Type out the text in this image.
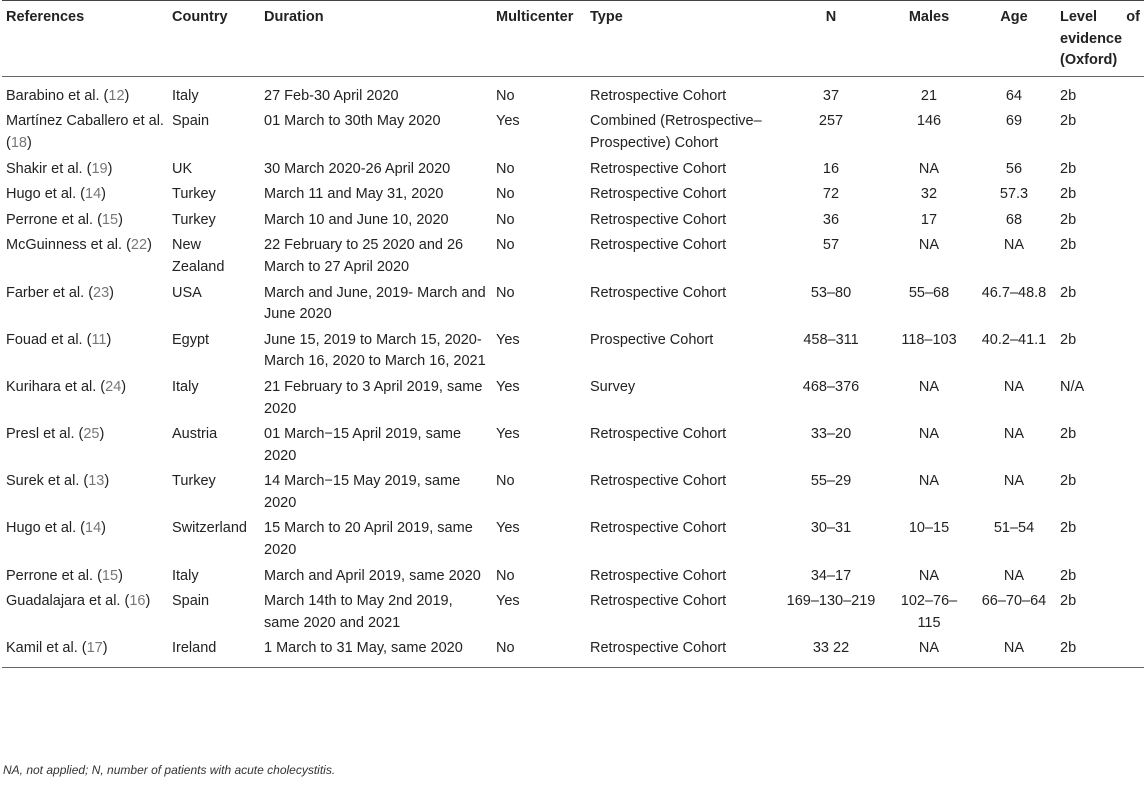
References	Country	Duration	Multicenter	Type	N	Males	Age	Level of evidence (Oxford)
Barabino et al. (12)	Italy	27 Feb-30 April 2020	No	Retrospective Cohort	37	21	64	2b
Martínez Caballero et al. (18)	Spain	01 March to 30th May 2020	Yes	Combined (Retrospective–Prospective) Cohort	257	146	69	2b
Shakir et al. (19)	UK	30 March 2020-26 April 2020	No	Retrospective Cohort	16	NA	56	2b
Hugo et al. (14)	Turkey	March 11 and May 31, 2020	No	Retrospective Cohort	72	32	57.3	2b
Perrone et al. (15)	Turkey	March 10 and June 10, 2020	No	Retrospective Cohort	36	17	68	2b
McGuinness et al. (22)	New Zealand	22 February to 25 2020 and 26 March to 27 April 2020	No	Retrospective Cohort	57	NA	NA	2b
Farber et al. (23)	USA	March and June, 2019- March and June 2020	No	Retrospective Cohort	53–80	55–68	46.7–48.8	2b
Fouad et al. (11)	Egypt	June 15, 2019 to March 15, 2020- March 16, 2020 to March 16, 2021	Yes	Prospective Cohort	458–311	118–103	40.2–41.1	2b
Kurihara et al. (24)	Italy	21 February to 3 April 2019, same 2020	Yes	Survey	468–376	NA	NA	N/A
Presl et al. (25)	Austria	01 March−15 April 2019, same 2020	Yes	Retrospective Cohort	33–20	NA	NA	2b
Surek et al. (13)	Turkey	14 March−15 May 2019, same 2020	No	Retrospective Cohort	55–29	NA	NA	2b
Hugo et al. (14)	Switzerland	15 March to 20 April 2019, same 2020	Yes	Retrospective Cohort	30–31	10–15	51–54	2b
Perrone et al. (15)	Italy	March and April 2019, same 2020	No	Retrospective Cohort	34–17	NA	NA	2b
Guadalajara et al. (16)	Spain	March 14th to May 2nd 2019, same 2020 and 2021	Yes	Retrospective Cohort	169–130–219	102–76–115	66–70–64	2b
Kamil et al. (17)	Ireland	1 March to 31 May, same 2020	No	Retrospective Cohort	33 22	NA	NA	2b
NA, not applied; N, number of patients with acute cholecystitis.
